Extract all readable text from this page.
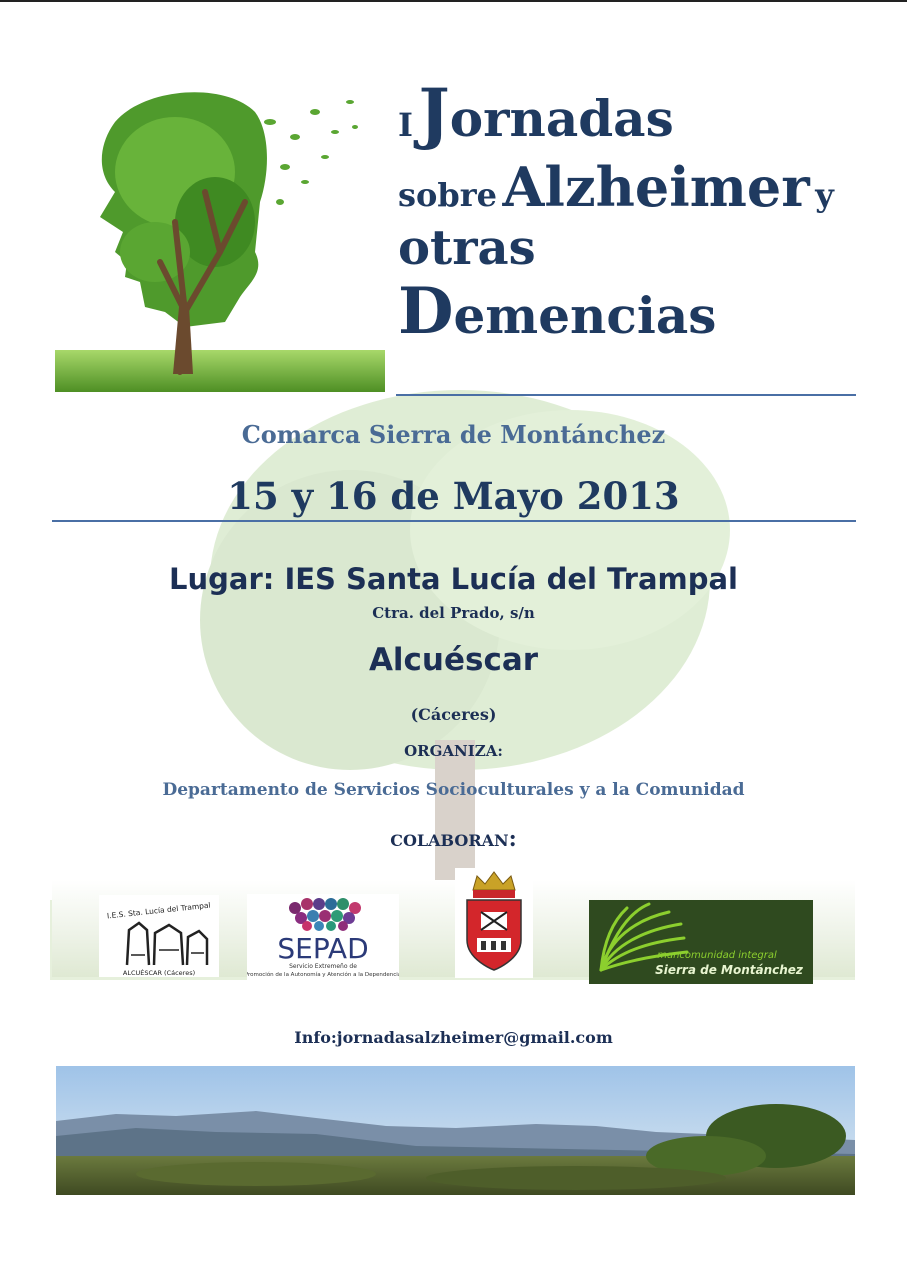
I Jornadas
sobre Alzheimer y
otras
Demencias
Comarca Sierra de Montánchez
15 y 16 de Mayo 2013
Lugar: IES Santa Lucía del Trampal
Ctra. del Prado, s/n
Alcuéscar
(Cáceres)
ORGANIZA:
Departamento de Servicios Socioculturales y a la Comunidad
COLABORAN:
I.E.S. Sta. Lucía del Trampal
ALCUÉSCAR (Cáceres)
SEPAD
Servicio Extremeño de
Promoción de la Autonomía y Atención a la Dependencia
mancomunidad integral
Sierra de Montánchez
Info:jornadasalzheimer@gmail.com
